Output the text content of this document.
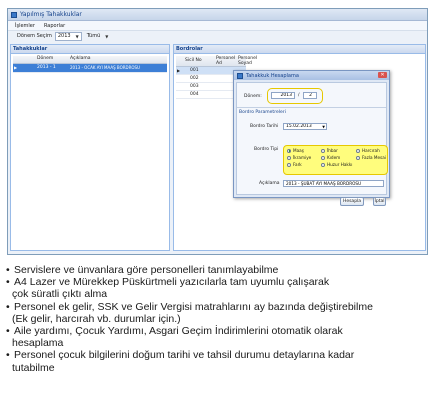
Yapılmış Tahakkuklar
İşlemler Raporlar
Dönem Seçim 2013 ▼ Tümü ▼
Tahakkuklar
Dönem	Açıklama
▶	2013 - 1	2013 - OCAK AYI MAAŞ BORDROSU
Bordrolar
Sicil No	Personel Ad
Personel Soyad
▶ 001
002
003
004
Tahakkuk Hesaplama	✕
Dönem:	2013	/	2
Bordro Parametreleri
Bordro Tarihi	15.02.2013	▼
Bordro Tipi	Maaş
İkramiye
Fark
İhbar
Kıdem
Huzur Hakkı
Harcırah
Fazla Mesai
Açıklama	2013 - ŞUBAT AYI MAAŞ BORDROSU
Hesapla	İptal
• Servislere ve ünvanlara göre personelleri tanımlayabilme
• A4 Lazer ve Mürekkep Püskürtmeli yazıcılarla tam uyumlu çalışarak
çok süratli çıktı alma
• Personel ek gelir, SSK ve Gelir Vergisi matrahlarını ay bazında değiştirebilme
(Ek gelir, harcırah vb. durumlar için.)
• Aile yardımı, Çocuk Yardımı, Asgari Geçim İndirimlerini otomatik olarak
hesaplama
• Personel çocuk bilgilerini doğum tarihi ve tahsil durumu detaylarına kadar
tutabilme
